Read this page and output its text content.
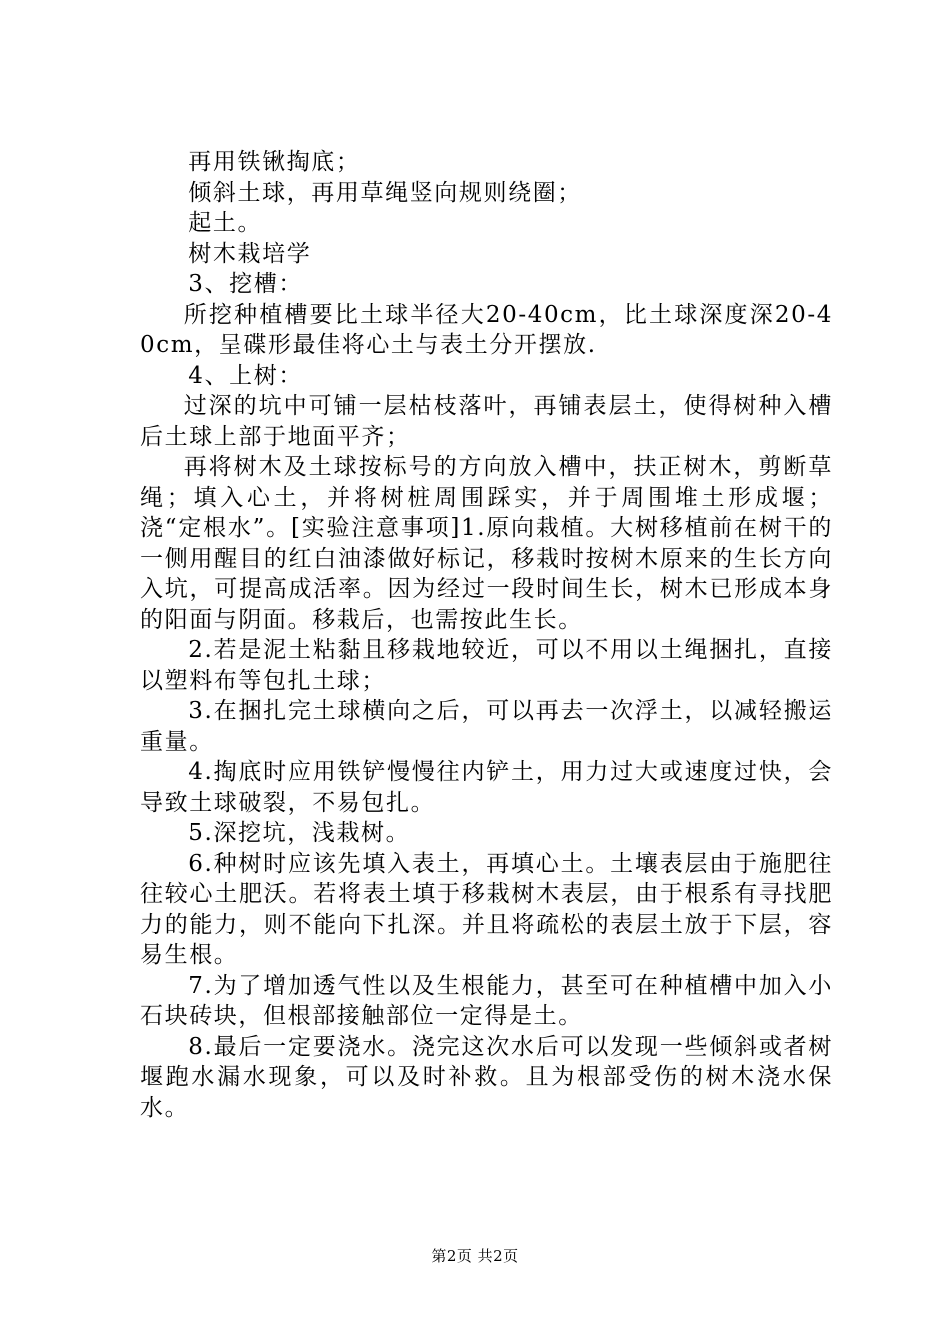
再用铁锹掏底；

倾斜土球，再用草绳竖向规则绕圈；

起土。

树木栽培学

3、挖槽：

所挖种植槽要比土球半径大20-40cm，比土球深度深20-40cm，呈碟形最佳将心土与表土分开摆放.

4、上树：

过深的坑中可铺一层枯枝落叶，再铺表层土，使得树种入槽后土球上部于地面平齐；

再将树木及土球按标号的方向放入槽中，扶正树木，剪断草绳；填入心土，并将树桩周围踩实，并于周围堆土形成堰；浇“定根水”。[实验注意事项]1.原向栽植。大树移植前在树干的一侧用醒目的红白油漆做好标记，移栽时按树木原来的生长方向入坑，可提高成活率。因为经过一段时间生长，树木已形成本身的阳面与阴面。移栽后，也需按此生长。

2.若是泥土粘黏且移栽地较近，可以不用以土绳捆扎，直接以塑料布等包扎土球；

3.在捆扎完土球横向之后，可以再去一次浮土，以减轻搬运重量。

4.掏底时应用铁铲慢慢往内铲土，用力过大或速度过快，会导致土球破裂，不易包扎。

5.深挖坑，浅栽树。

6.种树时应该先填入表土，再填心土。土壤表层由于施肥往往较心土肥沃。若将表土填于移栽树木表层，由于根系有寻找肥力的能力，则不能向下扎深。并且将疏松的表层土放于下层，容易生根。

7.为了增加透气性以及生根能力，甚至可在种植槽中加入小石块砖块，但根部接触部位一定得是土。

8.最后一定要浇水。浇完这次水后可以发现一些倾斜或者树堰跑水漏水现象，可以及时补救。且为根部受伤的树木浇水保水。

第2页 共2页
